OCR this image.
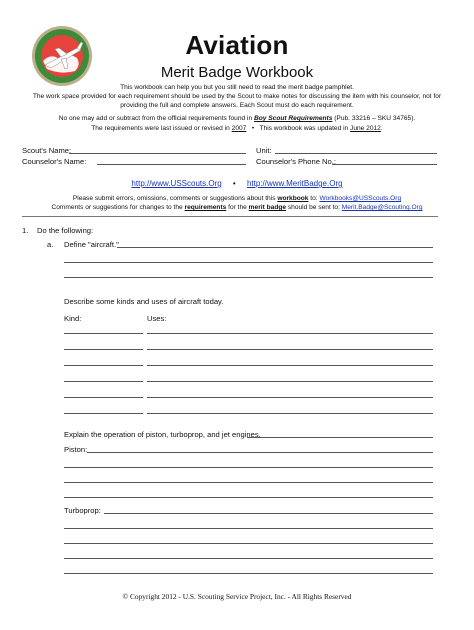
Aviation
Merit Badge Workbook
This workbook can help you but you still need to read the merit badge pamphlet.
The work space provided for each requirement should be used by the Scout to make notes for discussing the item with his counselor, not for providing the full and complete answers. Each Scout must do each requirement.
No one may add or subtract from the official requirements found in Boy Scout Requirements (Pub. 33216 – SKU 34765).
The requirements were last issued or revised in 2007   •   This workbook was updated in June 2012.
Scout's Name:	Unit:
Counselor's Name:	Counselor's Phone No.:
http://www.USScouts.Org • http://www.MeritBadge.Org
Please submit errors, omissions, comments or suggestions about this workbook to: Workbooks@USScouts.Org
Comments or suggestions for changes to the requirements for the merit badge should be sent to: Merit.Badge@Scouting.Org
1. Do the following:
a. Define "aircraft."
Describe some kinds and uses of aircraft today.
Kind:	Uses:
Explain the operation of piston, turboprop, and jet engines.
Piston:
Turboprop:
© Copyright 2012 - U.S. Scouting Service Project, Inc. - All Rights Reserved
